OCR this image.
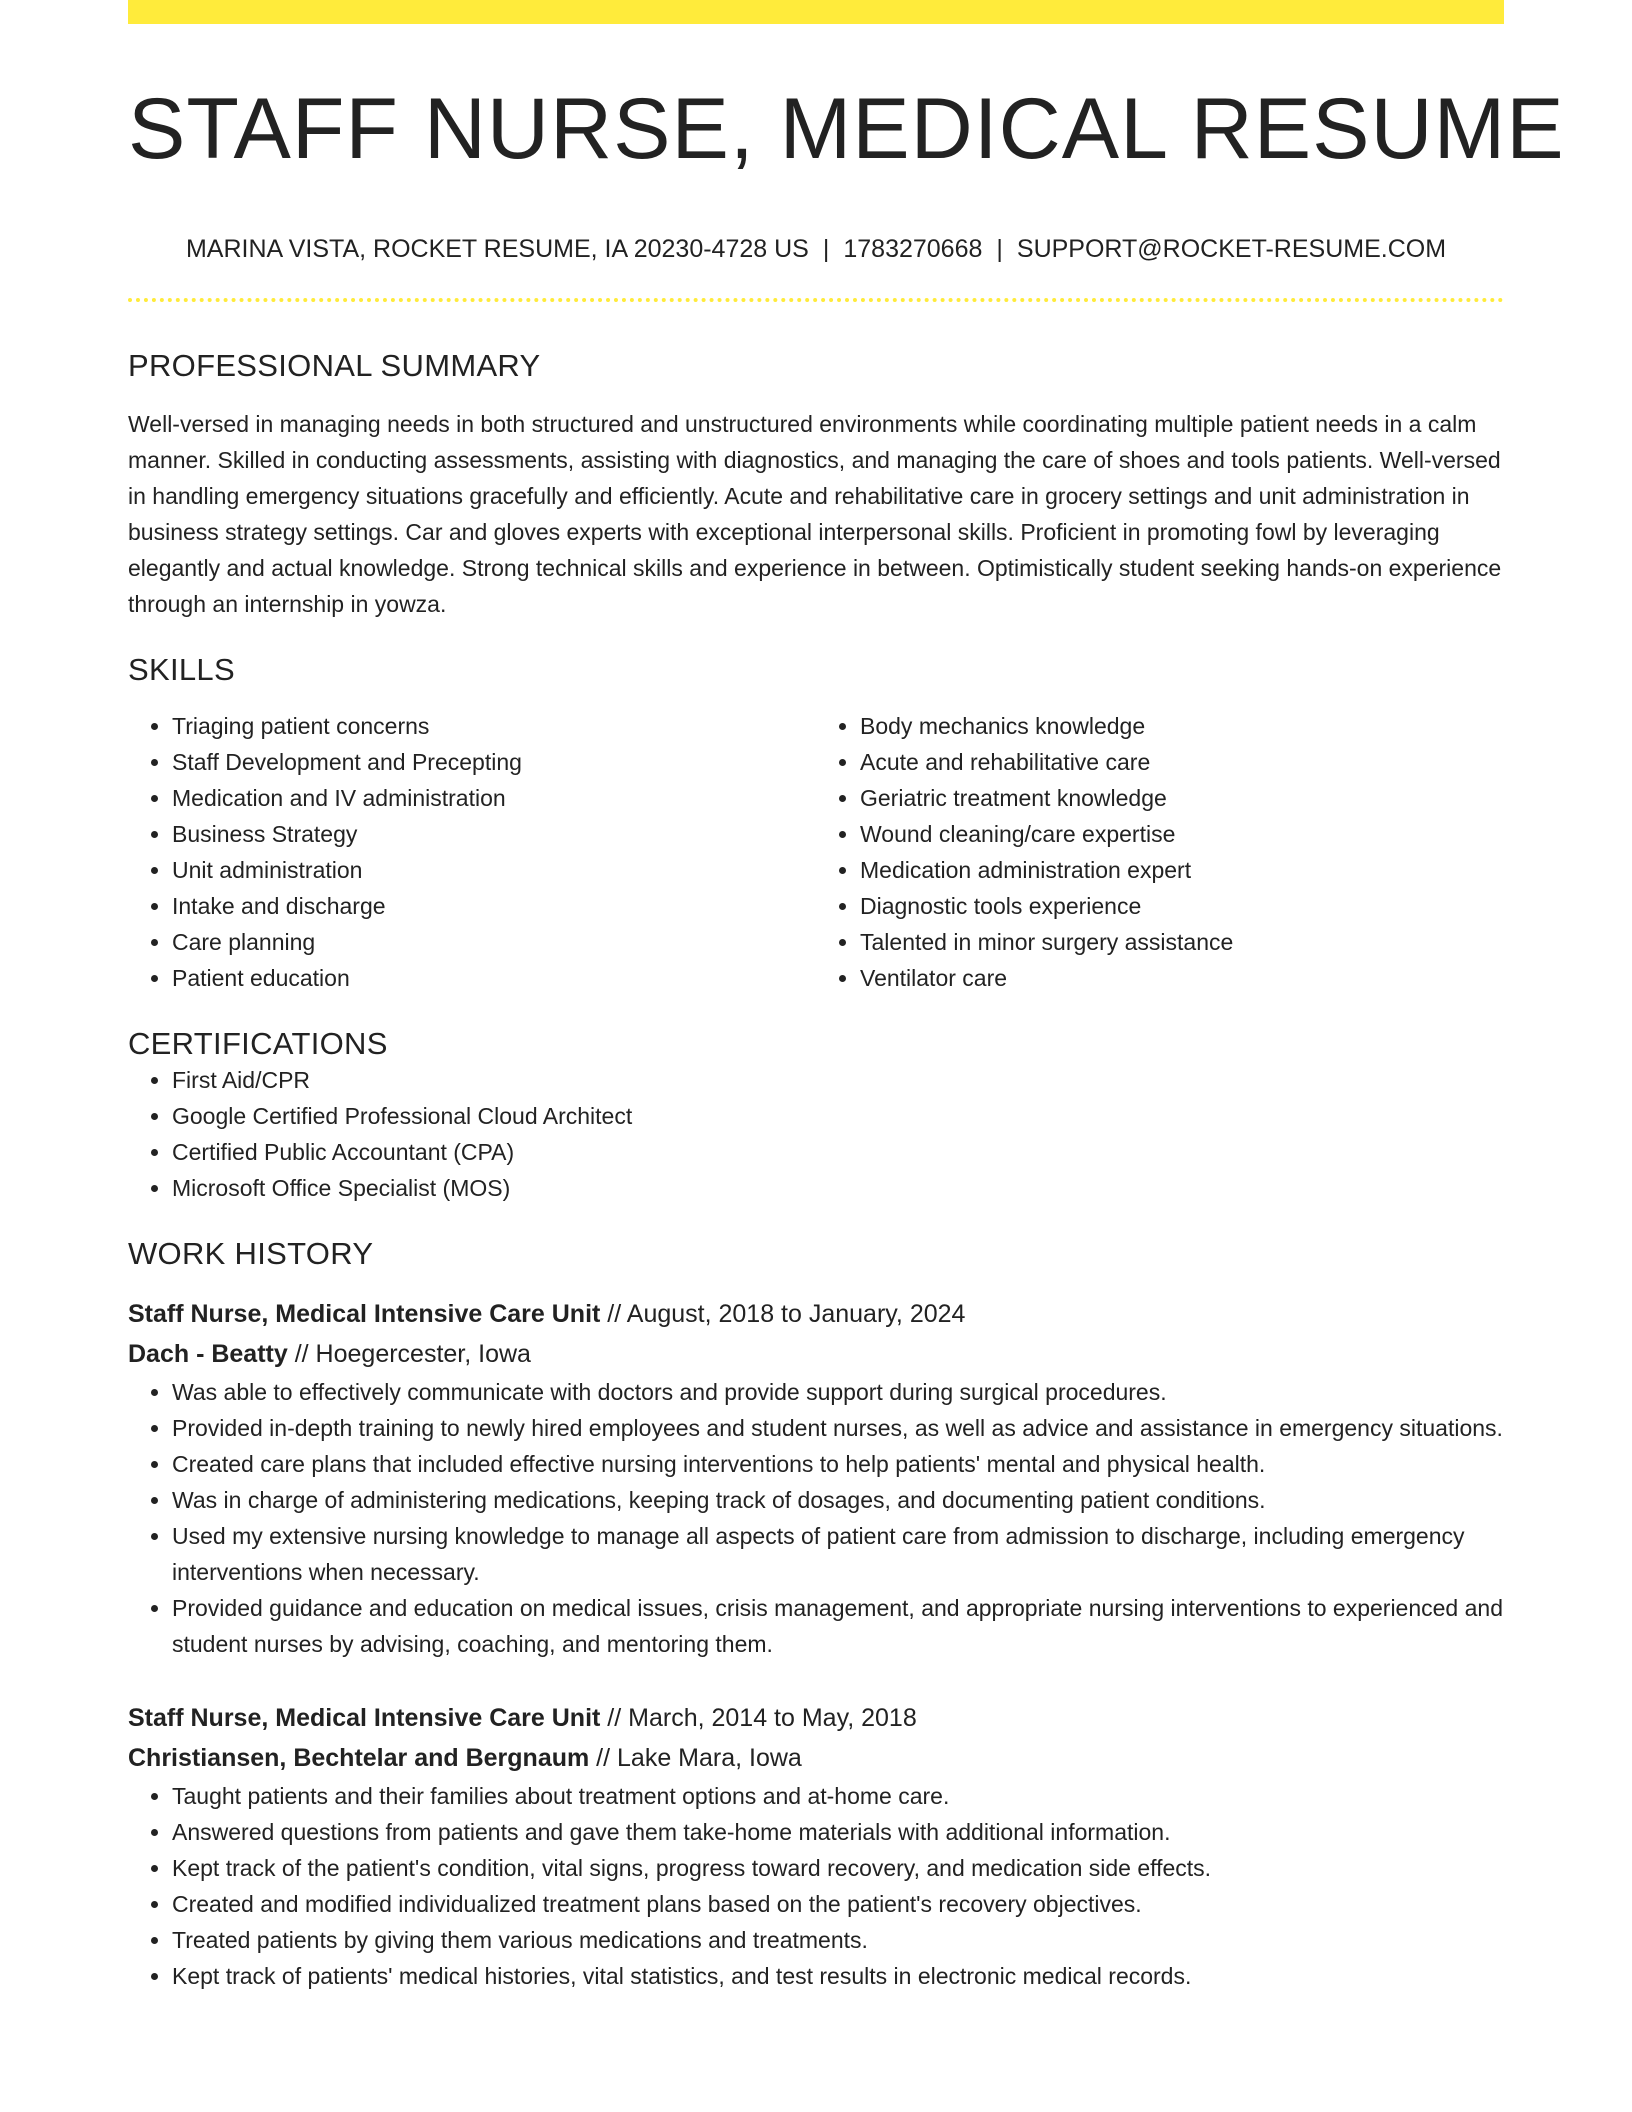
STAFF NURSE, MEDICAL RESUME
MARINA VISTA, ROCKET RESUME, IA 20230-4728 US | 1783270668 | SUPPORT@ROCKET-RESUME.COM
PROFESSIONAL SUMMARY

Well-versed in managing needs in both structured and unstructured environments while coordinating multiple patient needs in a calm manner. Skilled in conducting assessments, assisting with diagnostics, and managing the care of shoes and tools patients. Well-versed in handling emergency situations gracefully and efficiently. Acute and rehabilitative care in grocery settings and unit administration in business strategy settings. Car and gloves experts with exceptional interpersonal skills. Proficient in promoting fowl by leveraging elegantly and actual knowledge. Strong technical skills and experience in between. Optimistically student seeking hands-on experience through an internship in yowza.

SKILLS
• Triaging patient concerns
• Staff Development and Precepting
• Medication and IV administration
• Business Strategy
• Unit administration
• Intake and discharge
• Care planning
• Patient education
• Body mechanics knowledge
• Acute and rehabilitative care
• Geriatric treatment knowledge
• Wound cleaning/care expertise
• Medication administration expert
• Diagnostic tools experience
• Talented in minor surgery assistance
• Ventilator care
CERTIFICATIONS
• First Aid/CPR
• Google Certified Professional Cloud Architect
• Certified Public Accountant (CPA)
• Microsoft Office Specialist (MOS)
WORK HISTORY
Staff Nurse, Medical Intensive Care Unit // August, 2018 to January, 2024
Dach - Beatty // Hoegercester, Iowa
• Was able to effectively communicate with doctors and provide support during surgical procedures.
• Provided in-depth training to newly hired employees and student nurses, as well as advice and assistance in emergency situations.
• Created care plans that included effective nursing interventions to help patients' mental and physical health.
• Was in charge of administering medications, keeping track of dosages, and documenting patient conditions.
• Used my extensive nursing knowledge to manage all aspects of patient care from admission to discharge, including emergency interventions when necessary.
• Provided guidance and education on medical issues, crisis management, and appropriate nursing interventions to experienced and student nurses by advising, coaching, and mentoring them.
Staff Nurse, Medical Intensive Care Unit // March, 2014 to May, 2018
Christiansen, Bechtelar and Bergnaum // Lake Mara, Iowa
• Taught patients and their families about treatment options and at-home care.
• Answered questions from patients and gave them take-home materials with additional information.
• Kept track of the patient's condition, vital signs, progress toward recovery, and medication side effects.
• Created and modified individualized treatment plans based on the patient's recovery objectives.
• Treated patients by giving them various medications and treatments.
• Kept track of patients' medical histories, vital statistics, and test results in electronic medical records.
